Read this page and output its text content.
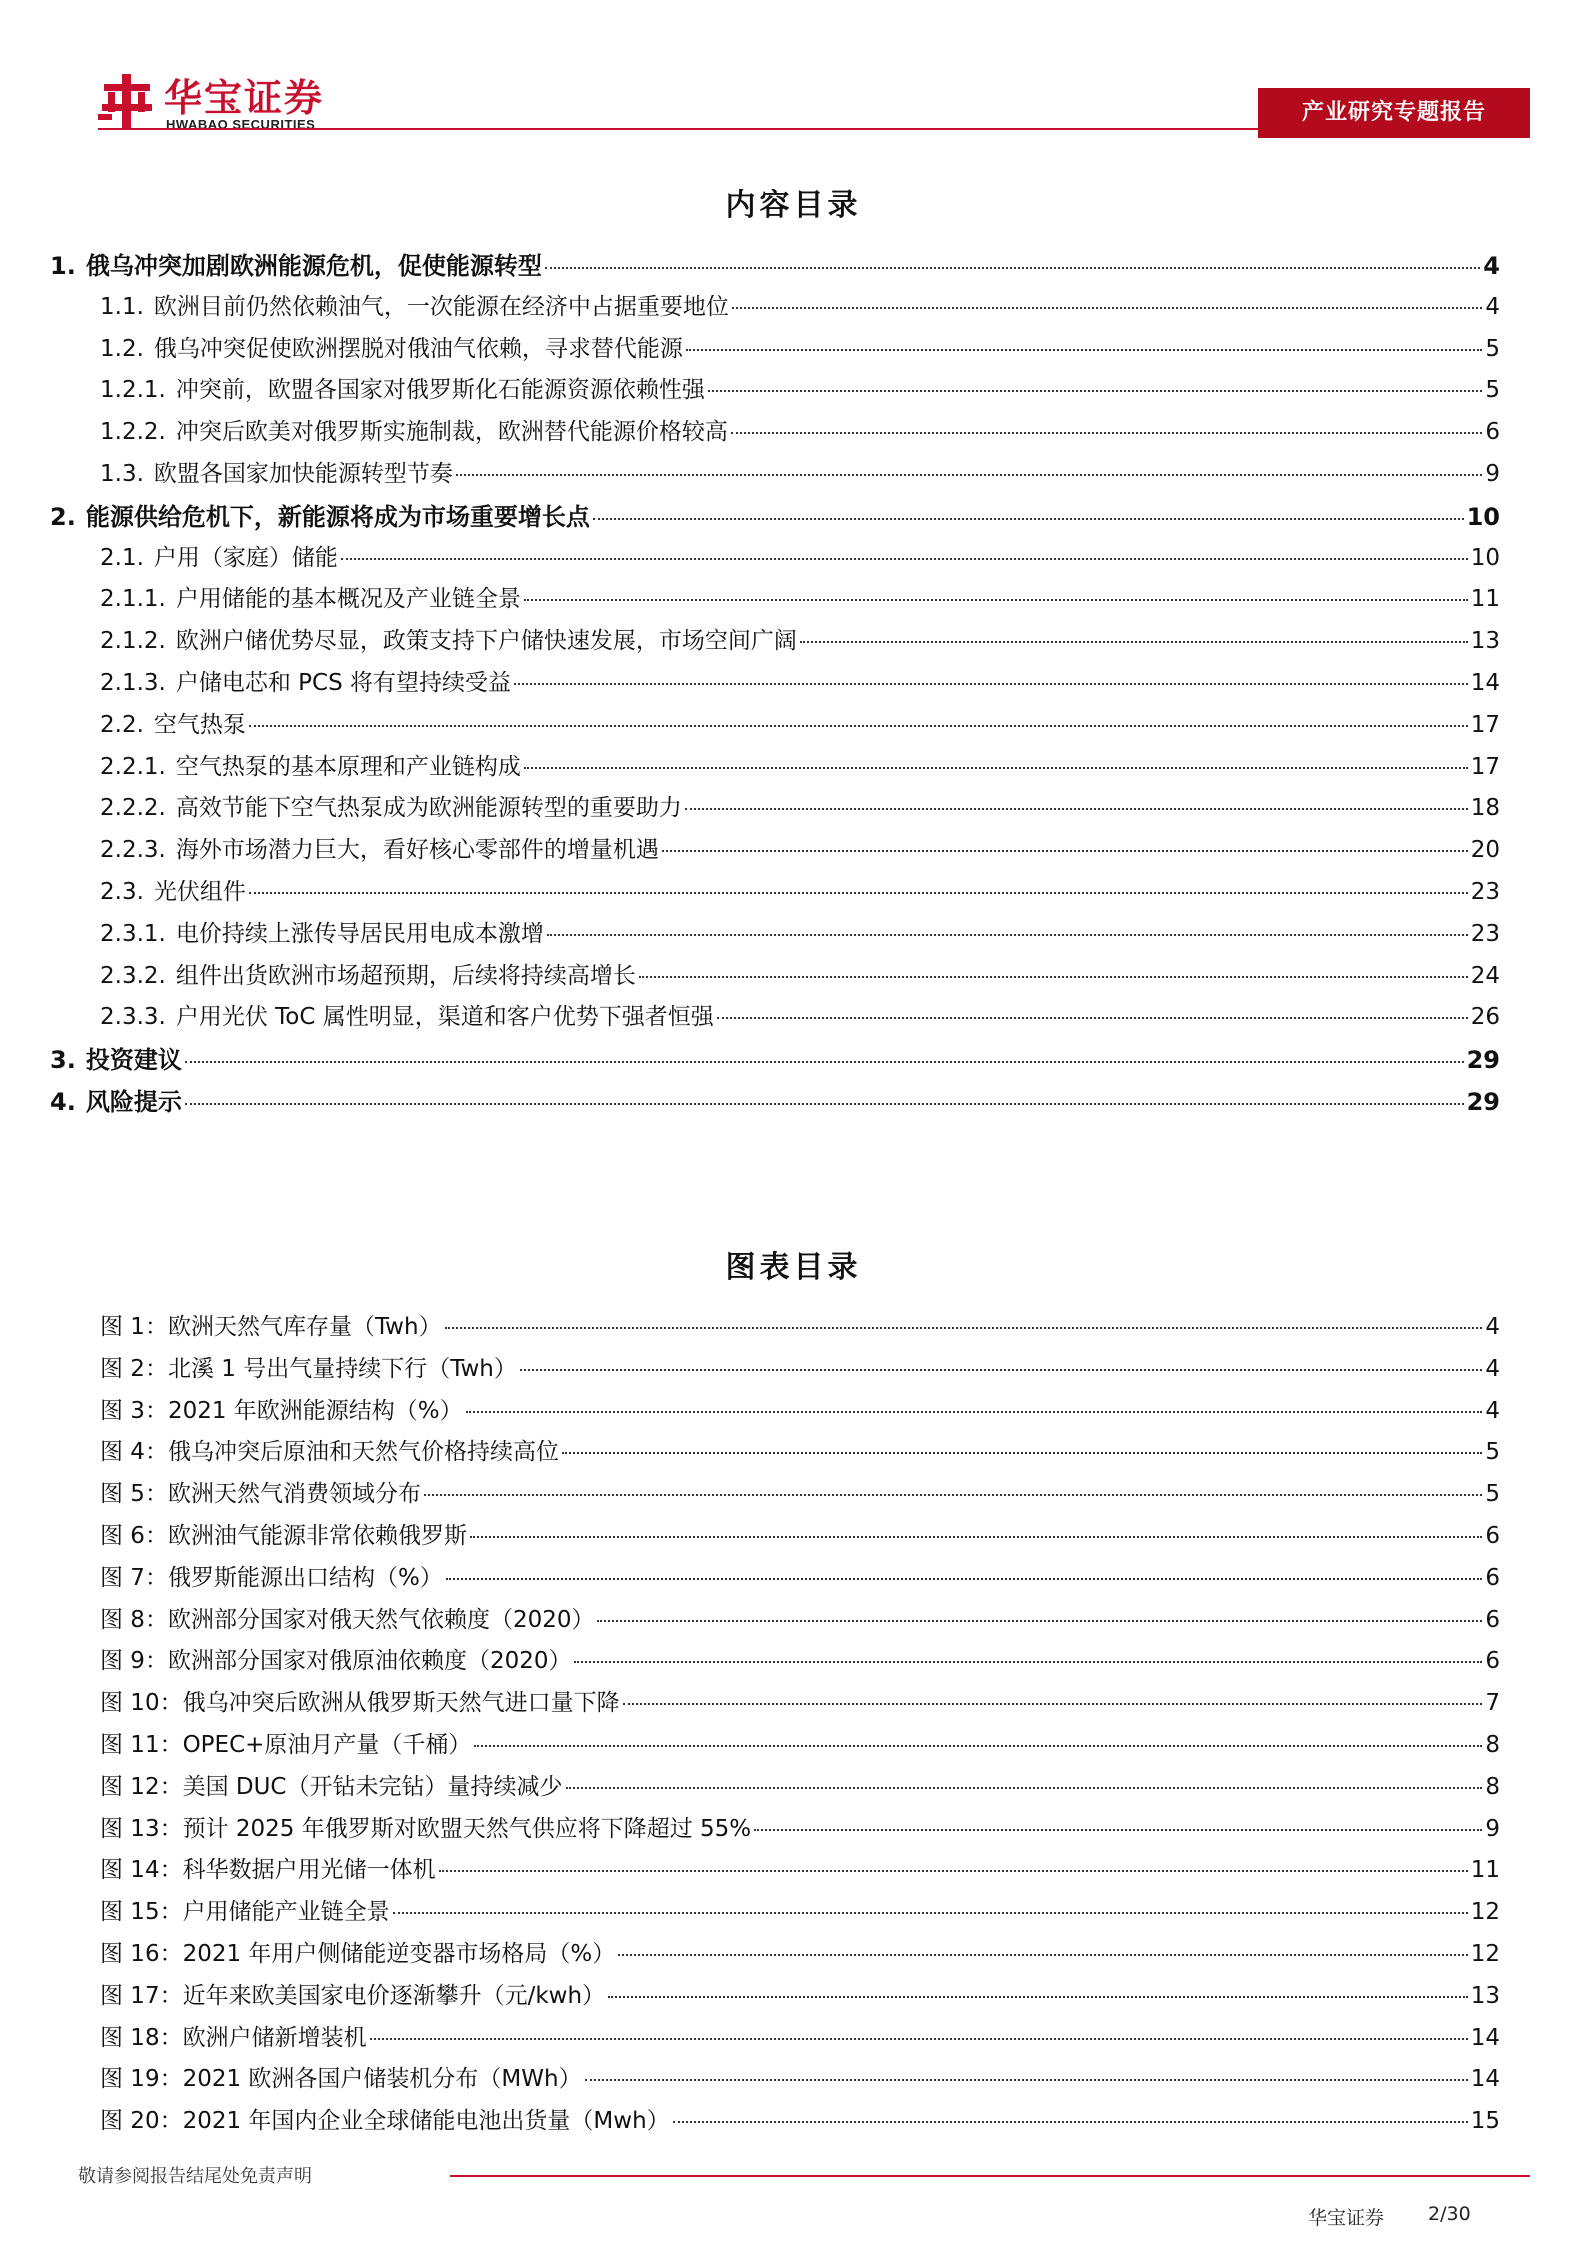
华宝证券
HWABAO SECURITIES	产业研究专题报告
内容目录
1. 俄乌冲突加剧欧洲能源危机，促使能源转型	4
1.1. 欧洲目前仍然依赖油气，一次能源在经济中占据重要地位	4
1.2. 俄乌冲突促使欧洲摆脱对俄油气依赖，寻求替代能源	5
1.2.1. 冲突前，欧盟各国家对俄罗斯化石能源资源依赖性强	5
1.2.2. 冲突后欧美对俄罗斯实施制裁，欧洲替代能源价格较高	6
1.3. 欧盟各国家加快能源转型节奏	9
2. 能源供给危机下，新能源将成为市场重要增长点	10
2.1. 户用（家庭）储能	10
2.1.1. 户用储能的基本概况及产业链全景	11
2.1.2. 欧洲户储优势尽显，政策支持下户储快速发展，市场空间广阔	13
2.1.3. 户储电芯和 PCS 将有望持续受益	14
2.2. 空气热泵	17
2.2.1. 空气热泵的基本原理和产业链构成	17
2.2.2. 高效节能下空气热泵成为欧洲能源转型的重要助力	18
2.2.3. 海外市场潜力巨大，看好核心零部件的增量机遇	20
2.3. 光伏组件	23
2.3.1. 电价持续上涨传导居民用电成本激增	23
2.3.2. 组件出货欧洲市场超预期，后续将持续高增长	24
2.3.3. 户用光伏 ToC 属性明显，渠道和客户优势下强者恒强	26
3. 投资建议	29
4. 风险提示	29
图表目录
图 1：欧洲天然气库存量（Twh）	4
图 2：北溪 1 号出气量持续下行（Twh）	4
图 3：2021 年欧洲能源结构（%）	4
图 4：俄乌冲突后原油和天然气价格持续高位	5
图 5：欧洲天然气消费领域分布	5
图 6：欧洲油气能源非常依赖俄罗斯	6
图 7：俄罗斯能源出口结构（%）	6
图 8：欧洲部分国家对俄天然气依赖度（2020）	6
图 9：欧洲部分国家对俄原油依赖度（2020）	6
图 10：俄乌冲突后欧洲从俄罗斯天然气进口量下降	7
图 11：OPEC+原油月产量（千桶）	8
图 12：美国 DUC（开钻未完钻）量持续减少	8
图 13：预计 2025 年俄罗斯对欧盟天然气供应将下降超过 55%	9
图 14：科华数据户用光储一体机	11
图 15：户用储能产业链全景	12
图 16：2021 年用户侧储能逆变器市场格局（%）	12
图 17：近年来欧美国家电价逐渐攀升（元/kwh）	13
图 18：欧洲户储新增装机	14
图 19：2021 欧洲各国户储装机分布（MWh）	14
图 20：2021 年国内企业全球储能电池出货量（Mwh）	15
敬请参阅报告结尾处免责声明
华宝证券 2/30
